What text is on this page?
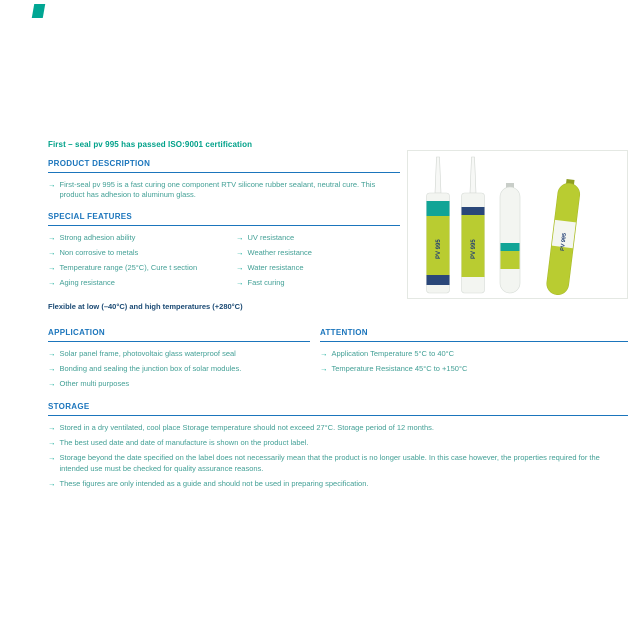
First – seal pv 995 has passed ISO:9001 certification
PRODUCT DESCRIPTION
→ First-seal pv 995 is a fast curing one component RTV silicone rubber sealant, neutral cure. This product has adhesion to aluminum glass.
SPECIAL FEATURES
→ Strong adhesion ability
→ Non corrosive to metals
→ Temperature range (25°C), Cure t section
→ Aging resistance
→ UV resistance
→ Weather resistance
→ Water resistance
→ Fast curing
Flexible at low (–40°C) and high temperatures (+280°C)
APPLICATION
→ Solar panel frame, photovoltaic glass waterproof seal
→ Bonding and sealing the junction box of solar modules.
→ Other multi purposes
ATTENTION
→ Application Temperature 5°C to 40°C
→ Temperature Resistance 45°C to +150°C
STORAGE
→ Stored in a dry ventilated, cool place Storage temperature should not exceed 27°C. Storage period of 12 months.
→ The best used date and date of manufacture is shown on the product label.
→ Storage beyond the date specified on the label does not necessarily mean that the product is no longer usable. In this case however, the properties required for the intended use must be checked for quality assurance reasons.
→ These figures are only intended as a guide and should not be used in preparing specification.
PV 995	PV 995	PV 995
